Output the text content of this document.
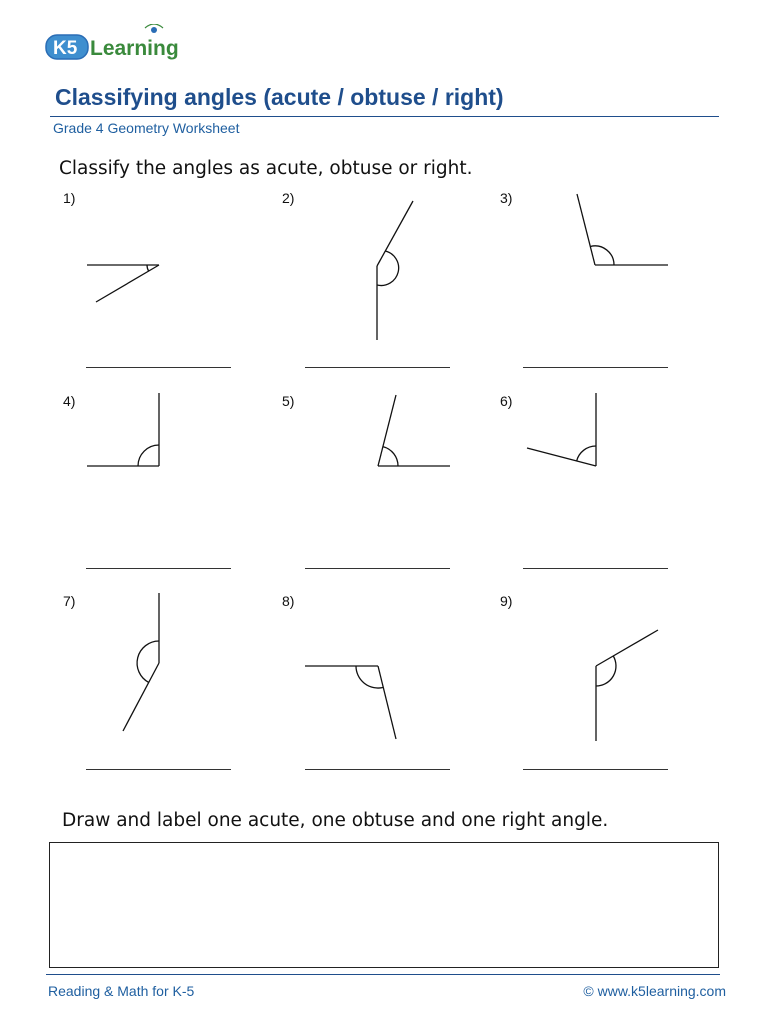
K5 Learning
Classifying angles (acute / obtuse / right)
Grade 4 Geometry Worksheet
Classify the angles as acute, obtuse or right.
1)	2)	3)
4)	5)	6)
7)	8)	9)
Draw and label one acute, one obtuse and one right angle.
Reading & Math for K-5	© www.k5learning.com
